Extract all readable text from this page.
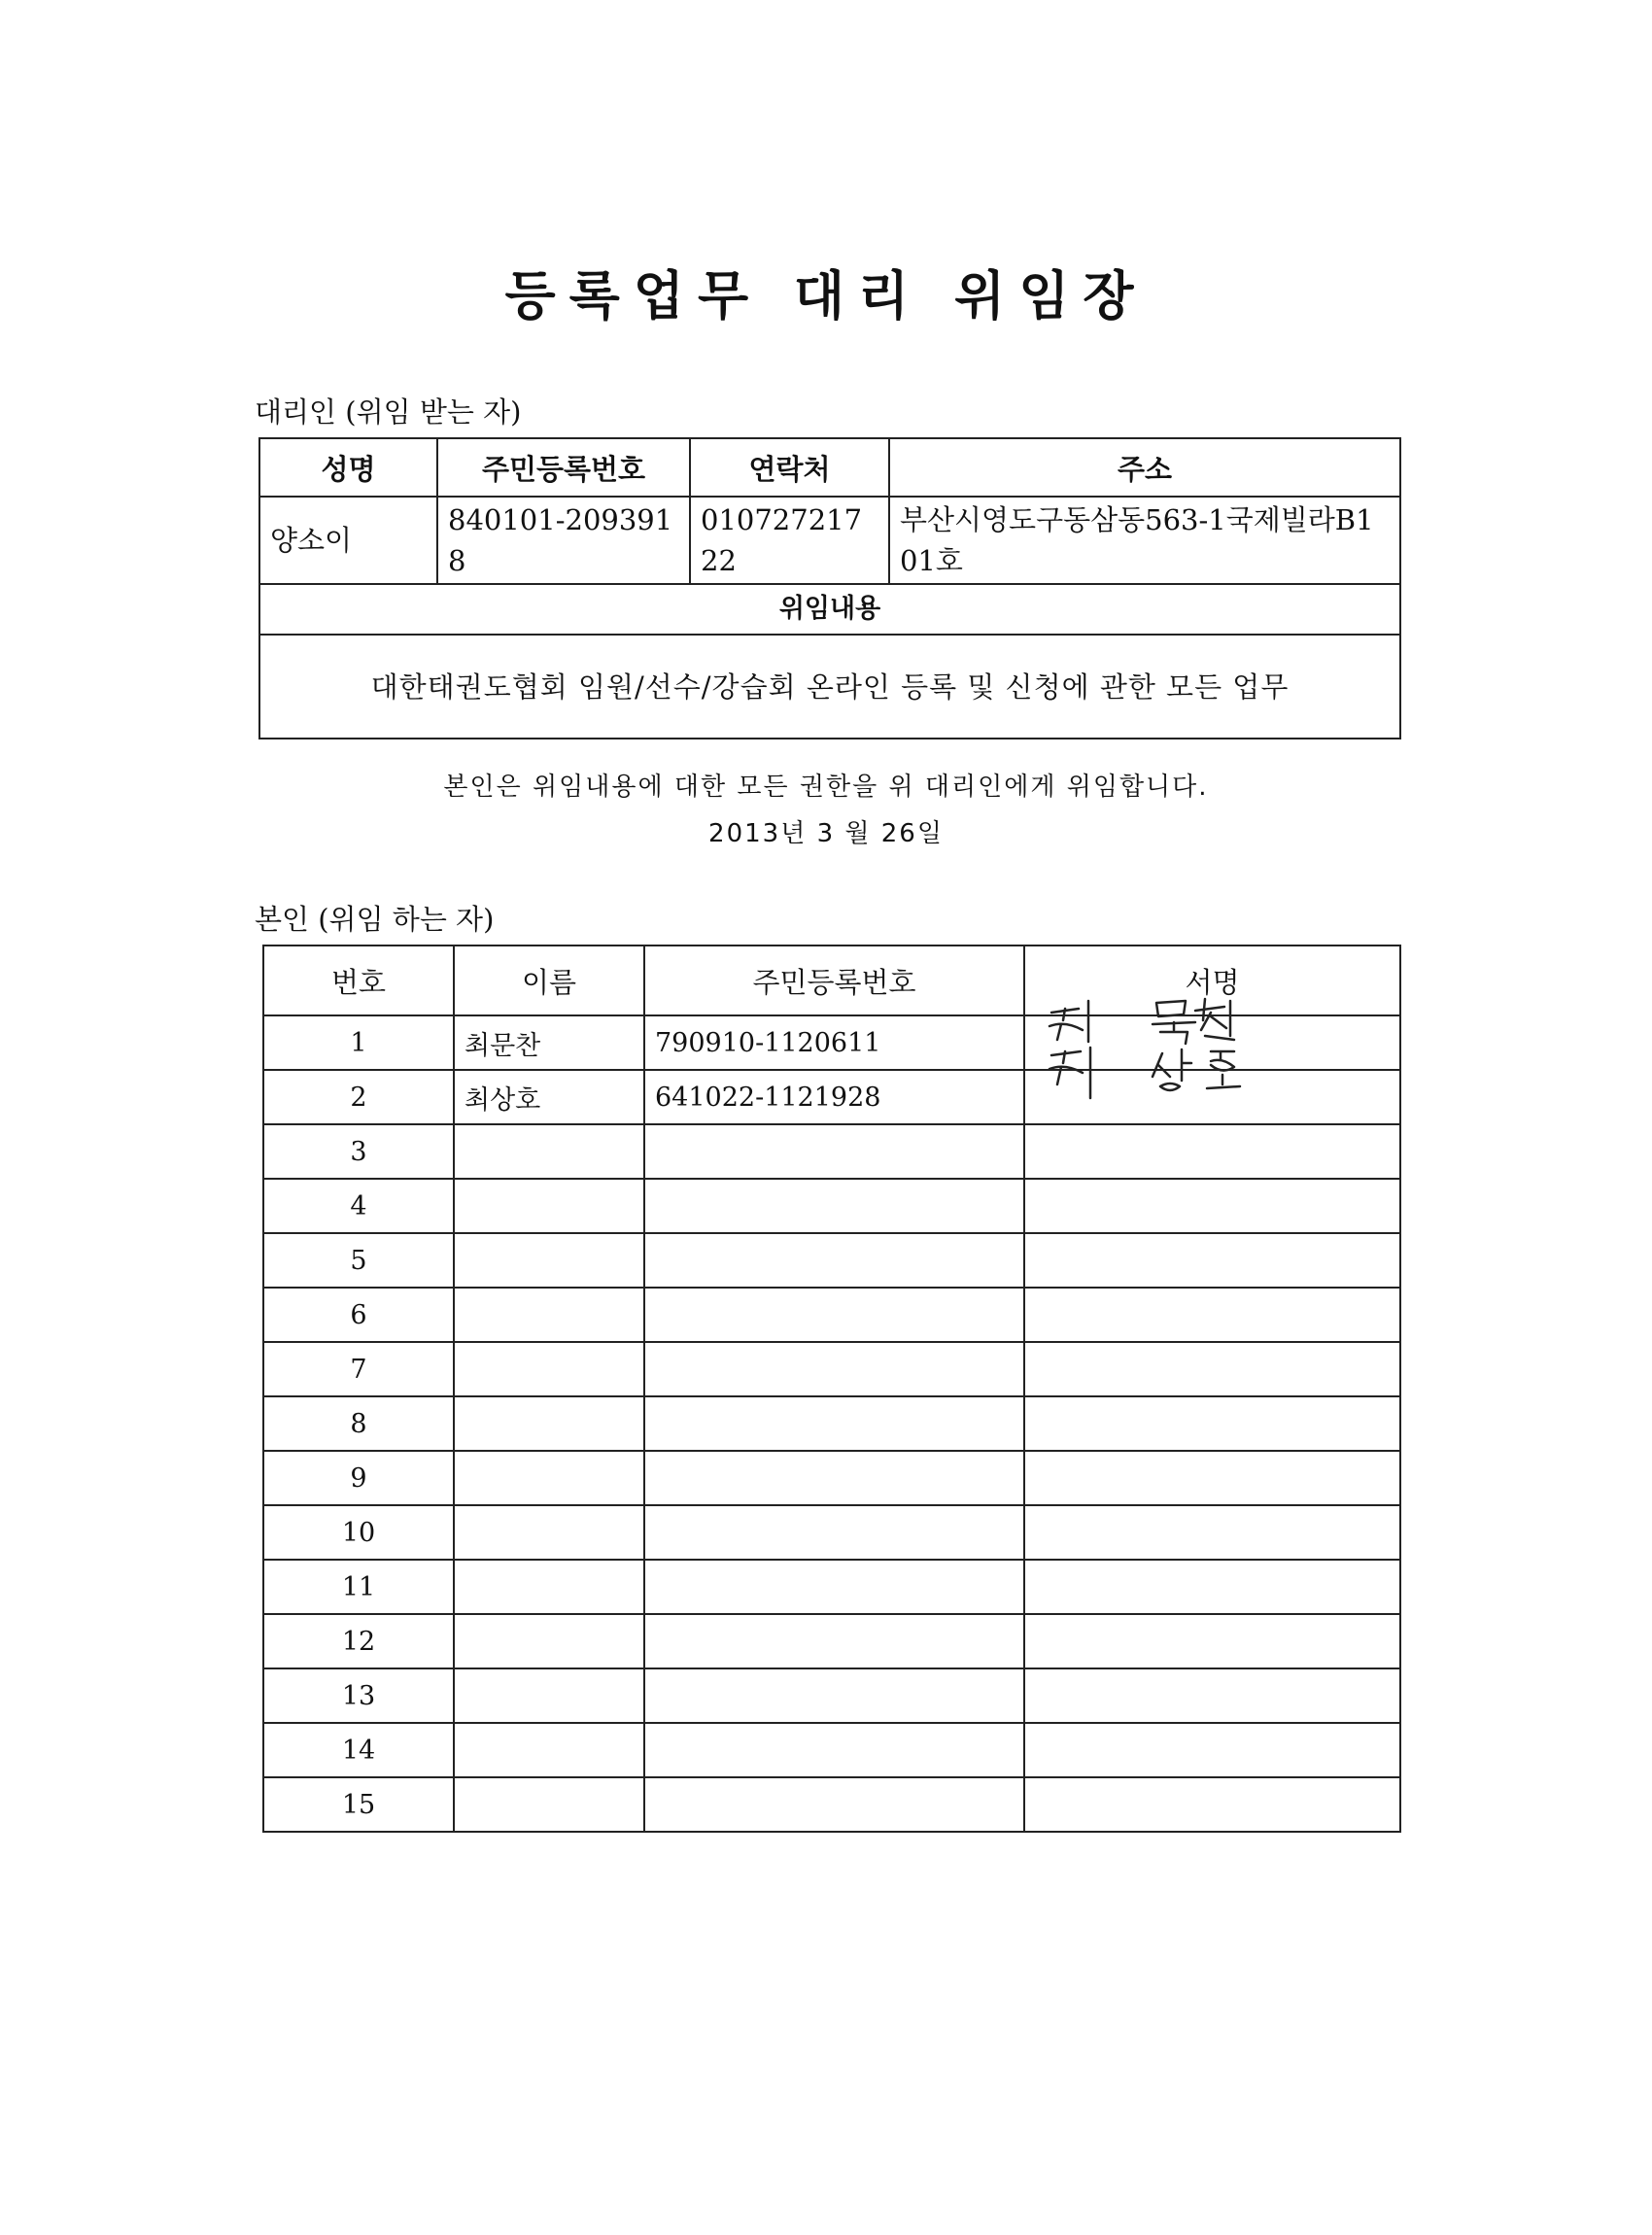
등록업무 대리 위임장
대리인 (위임 받는 자)
성명	주민등록번호	연락처	주소
양소이	840101-2093918	01072721722	부산시영도구동삼동563-1국제빌라B101호
위임내용			
대한태권도협회 임원/선수/강습회 온라인 등록 및 신청에 관한 모든 업무			
본인은 위임내용에 대한 모든 권한을 위 대리인에게 위임합니다.
2013년 3 월 26일
본인 (위임 하는 자)
번호	이름	주민등록번호	서명
1	최문찬	790910-1120611	

2	최상호	641022-1121928	

3			

4			

5			

6			

7			

8			

9			

10			

11			

12			

13			

14			

15			
